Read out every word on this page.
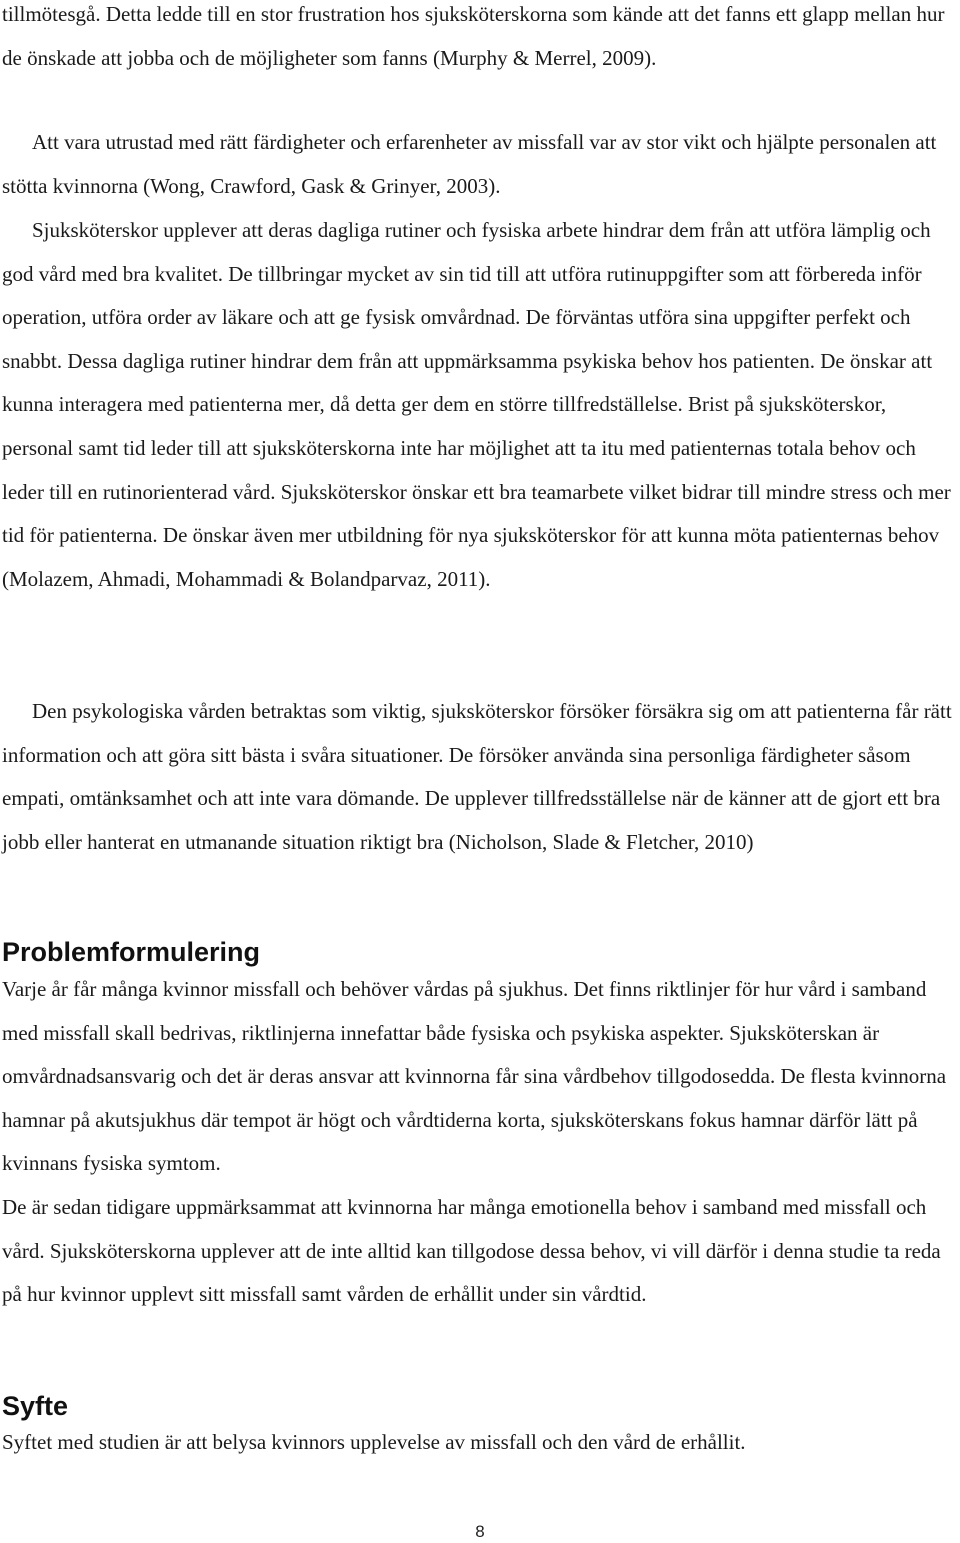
tillmötesgå. Detta ledde till en stor frustration hos sjuksköterskorna som kände att det fanns ett glapp mellan hur de önskade att jobba och de möjligheter som fanns (Murphy & Merrel, 2009).

Att vara utrustad med rätt färdigheter och erfarenheter av missfall var av stor vikt och hjälpte personalen att stötta kvinnorna (Wong, Crawford, Gask & Grinyer, 2003).

Sjuksköterskor upplever att deras dagliga rutiner och fysiska arbete hindrar dem från att utföra lämplig och god vård med bra kvalitet. De tillbringar mycket av sin tid till att utföra rutinuppgifter som att förbereda inför operation, utföra order av läkare och att ge fysisk omvårdnad. De förväntas utföra sina uppgifter perfekt och snabbt. Dessa dagliga rutiner hindrar dem från att uppmärksamma psykiska behov hos patienten. De önskar att kunna interagera med patienterna mer, då detta ger dem en större tillfredställelse. Brist på sjuksköterskor, personal samt tid leder till att sjuksköterskorna inte har möjlighet att ta itu med patienternas totala behov och leder till en rutinorienterad vård. Sjuksköterskor önskar ett bra teamarbete vilket bidrar till mindre stress och mer tid för patienterna. De önskar även mer utbildning för nya sjuksköterskor för att kunna möta patienternas behov (Molazem, Ahmadi, Mohammadi & Bolandparvaz, 2011).

Den psykologiska vården betraktas som viktig, sjuksköterskor försöker försäkra sig om att patienterna får rätt information och att göra sitt bästa i svåra situationer. De försöker använda sina personliga färdigheter såsom empati, omtänksamhet och att inte vara dömande. De upplever tillfredsställelse när de känner att de gjort ett bra jobb eller hanterat en utmanande situation riktigt bra (Nicholson, Slade & Fletcher, 2010)

Problemformulering

Varje år får många kvinnor missfall och behöver vårdas på sjukhus. Det finns riktlinjer för hur vård i samband med missfall skall bedrivas, riktlinjerna innefattar både fysiska och psykiska aspekter. Sjuksköterskan är omvårdnadsansvarig och det är deras ansvar att kvinnorna får sina vårdbehov tillgodosedda. De flesta kvinnorna hamnar på akutsjukhus där tempot är högt och vårdtiderna korta, sjuksköterskans fokus hamnar därför lätt på kvinnans fysiska symtom.

De är sedan tidigare uppmärksammat att kvinnorna har många emotionella behov i samband med missfall och vård. Sjuksköterskorna upplever att de inte alltid kan tillgodose dessa behov, vi vill därför i denna studie ta reda på hur kvinnor upplevt sitt missfall samt vården de erhållit under sin vårdtid.

Syfte

Syftet med studien är att belysa kvinnors upplevelse av missfall och den vård de erhållit.

8
